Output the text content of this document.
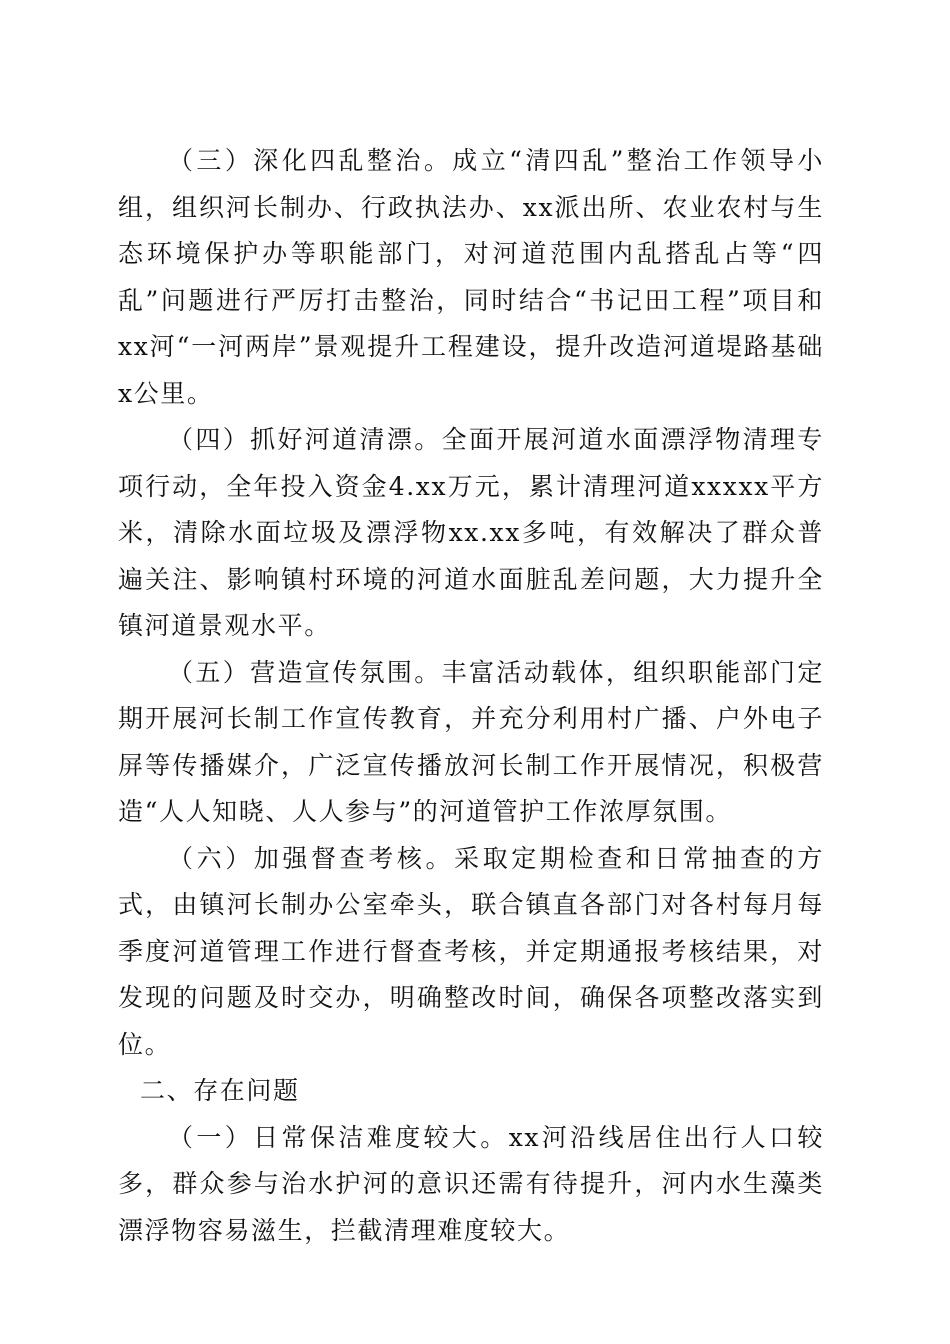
（三）深化四乱整治。成立“清四乱”整治工作领导小组，组织河长制办、行政执法办、xx派出所、农业农村与生态环境保护办等职能部门，对河道范围内乱搭乱占等“四乱”问题进行严厉打击整治，同时结合“书记田工程”项目和xx河“一河两岸”景观提升工程建设，提升改造河道堤路基础x公里。

（四）抓好河道清漂。全面开展河道水面漂浮物清理专项行动，全年投入资金4.xx万元，累计清理河道xxxxx平方米，清除水面垃圾及漂浮物xx.xx多吨，有效解决了群众普遍关注、影响镇村环境的河道水面脏乱差问题，大力提升全镇河道景观水平。

（五）营造宣传氛围。丰富活动载体，组织职能部门定期开展河长制工作宣传教育，并充分利用村广播、户外电子屏等传播媒介，广泛宣传播放河长制工作开展情况，积极营造“人人知晓、人人参与”的河道管护工作浓厚氛围。

（六）加强督查考核。采取定期检查和日常抽查的方式，由镇河长制办公室牵头，联合镇直各部门对各村每月每季度河道管理工作进行督查考核，并定期通报考核结果，对发现的问题及时交办，明确整改时间，确保各项整改落实到位。

二、存在问题

（一）日常保洁难度较大。xx河沿线居住出行人口较多，群众参与治水护河的意识还需有待提升，河内水生藻类漂浮物容易滋生，拦截清理难度较大。
